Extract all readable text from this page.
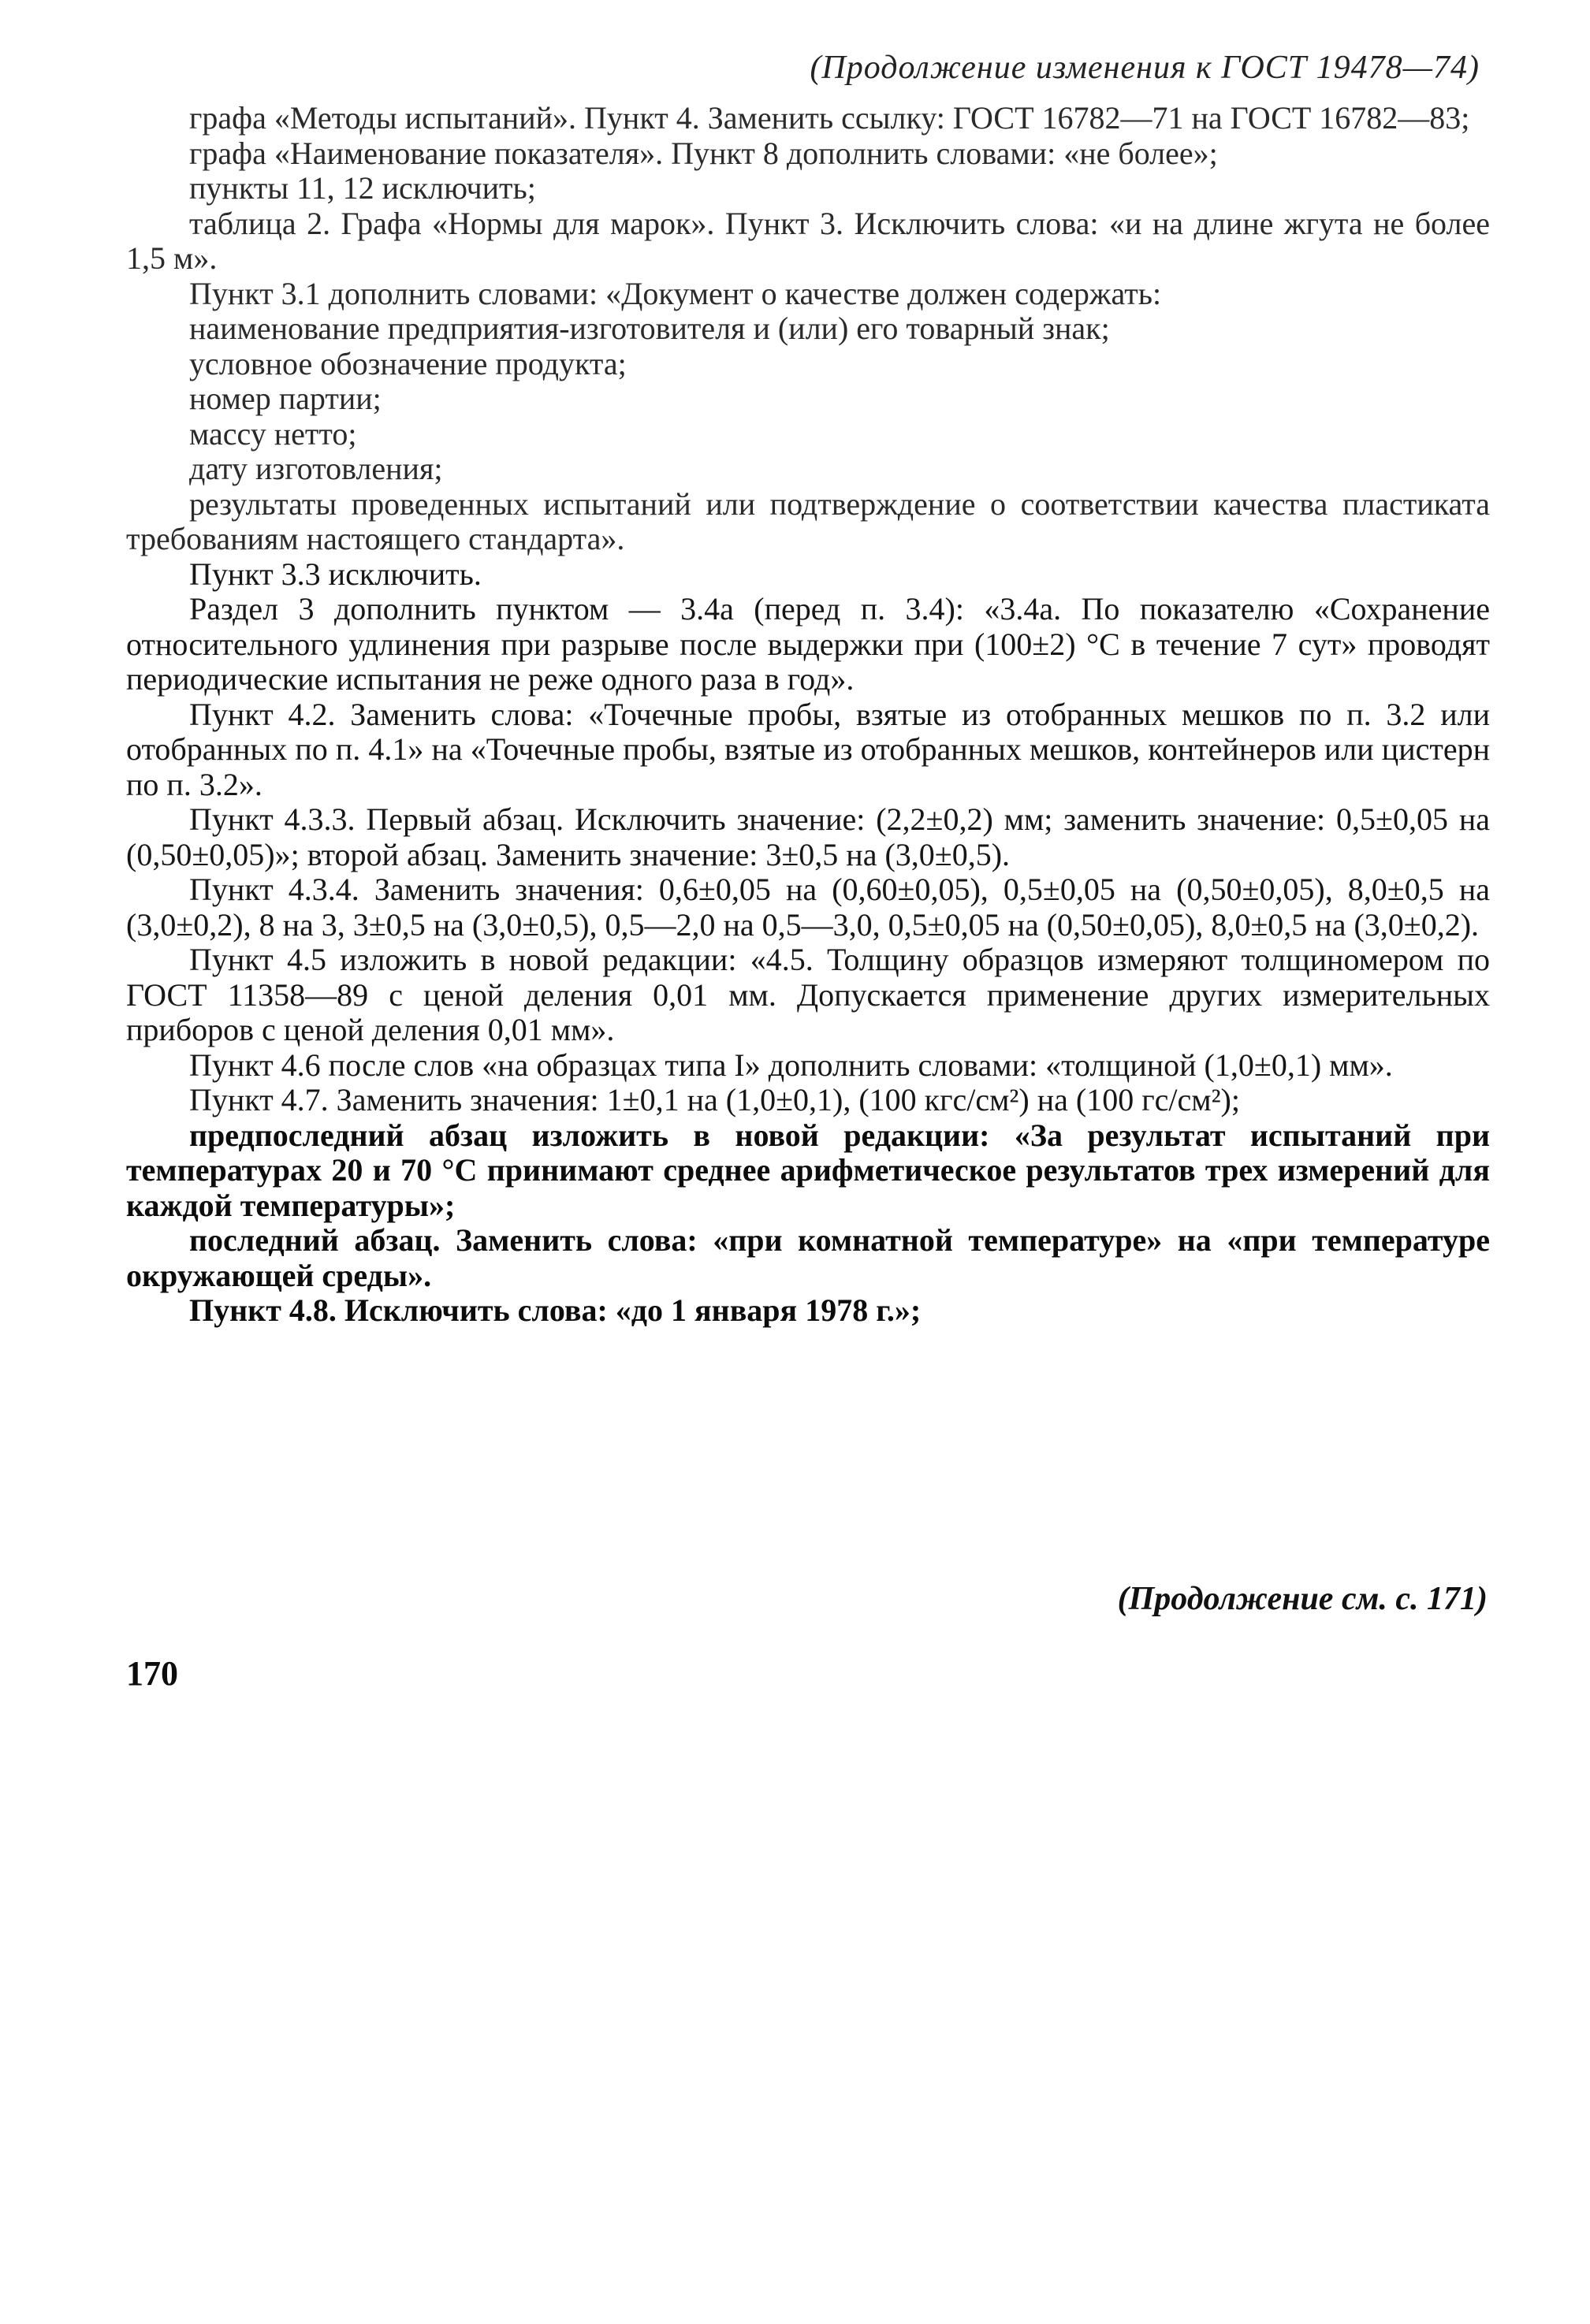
(Продолжение изменения к ГОСТ 19478—74)

графа «Методы испытаний». Пункт 4. Заменить ссылку: ГОСТ 16782—71 на ГОСТ 16782—83;

графа «Наименование показателя». Пункт 8 дополнить словами: «не более»;

пункты 11, 12 исключить;

таблица 2. Графа «Нормы для марок». Пункт 3. Исключить слова: «и на длине жгута не более 1,5 м».

Пункт 3.1 дополнить словами: «Документ о качестве должен содержать:

наименование предприятия-изготовителя и (или) его товарный знак;

условное обозначение продукта;

номер партии;

массу нетто;

дату изготовления;

результаты проведенных испытаний или подтверждение о соответствии качества пластиката требованиям настоящего стандарта».

Пункт 3.3 исключить.

Раздел 3 дополнить пунктом — 3.4а (перед п. 3.4): «3.4а. По показателю «Сохранение относительного удлинения при разрыве после выдержки при (100±2) °С в течение 7 сут» проводят периодические испытания не реже одного раза в год».

Пункт 4.2. Заменить слова: «Точечные пробы, взятые из отобранных мешков по п. 3.2 или отобранных по п. 4.1» на «Точечные пробы, взятые из отобранных мешков, контейнеров или цистерн по п. 3.2».

Пункт 4.3.3. Первый абзац. Исключить значение: (2,2±0,2) мм; заменить значение: 0,5±0,05 на (0,50±0,05)»; второй абзац. Заменить значение: 3±0,5 на (3,0±0,5).

Пункт 4.3.4. Заменить значения: 0,6±0,05 на (0,60±0,05), 0,5±0,05 на (0,50±0,05), 8,0±0,5 на (3,0±0,2), 8 на 3, 3±0,5 на (3,0±0,5), 0,5—2,0 на 0,5—3,0, 0,5±0,05 на (0,50±0,05), 8,0±0,5 на (3,0±0,2).

Пункт 4.5 изложить в новой редакции: «4.5. Толщину образцов измеряют толщиномером по ГОСТ 11358—89 с ценой деления 0,01 мм. Допускается применение других измерительных приборов с ценой деления 0,01 мм».

Пункт 4.6 после слов «на образцах типа I» дополнить словами: «толщиной (1,0±0,1) мм».

Пункт 4.7. Заменить значения: 1±0,1 на (1,0±0,1), (100 кгс/см²) на (100 гс/см²);

предпоследний абзац изложить в новой редакции: «За результат испытаний при температурах 20 и 70 °С принимают среднее арифметическое результатов трех измерений для каждой температуры»;

последний абзац. Заменить слова: «при комнатной температуре» на «при температуре окружающей среды».

Пункт 4.8. Исключить слова: «до 1 января 1978 г.»;

(Продолжение см. с. 171)
170
